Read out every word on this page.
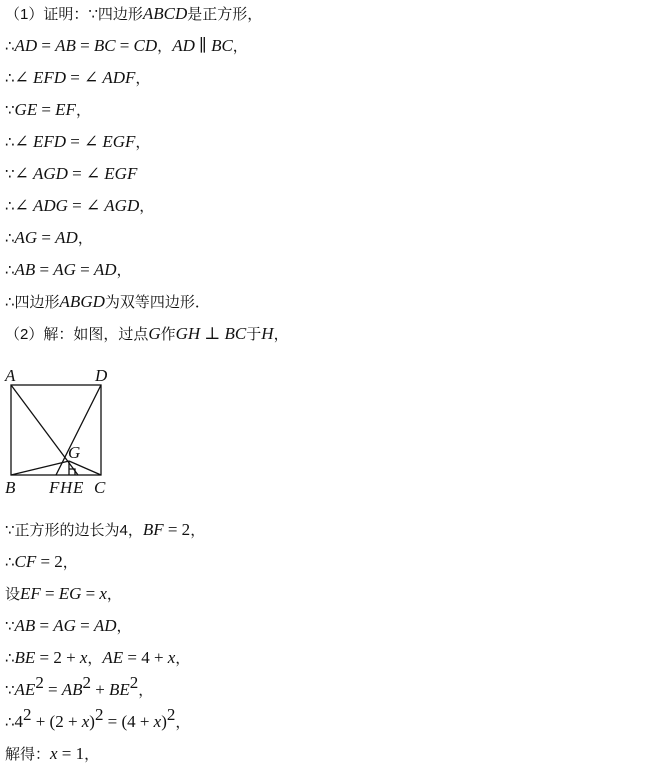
（1）证明：∵四边形ABCD是正方形，
∴AD = AB = BC = CD，AD ∥ BC，
∴∠ EFD = ∠ ADF，
∵GE = EF，
∴∠ EFD = ∠ EGF，
∵∠ AGD = ∠ EGF
∴∠ ADG = ∠ AGD，
∴AG = AD，
∴AB = AG = AD，
∴四边形ABGD为双等四边形．
（2）解：如图，过点G作GH ⊥ BC于H，
A	D
B	C
G
F H E
∵正方形的边长为4，BF = 2，
∴CF = 2，
设EF = EG = x，
∵AB = AG = AD，
∴BE = 2 + x，AE = 4 + x，
$\because AE^2 = AB^2 + BE^2$，
$\therefore 4^2 + (2 + x)^2 = (4 + x)^2$，
解得：x = 1，
